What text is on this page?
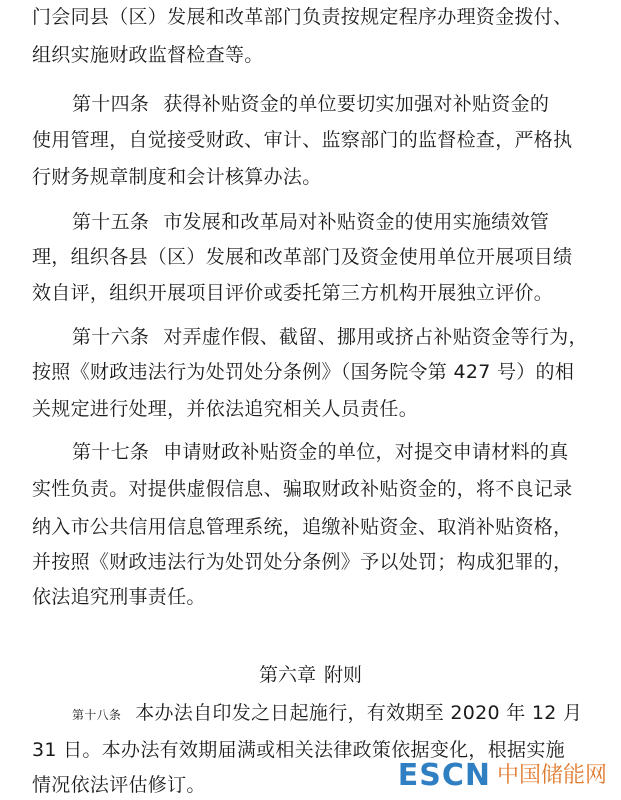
门会同县（区）发展和改革部门负责按规定程序办理资金拨付、
组织实施财政监督检查等。
第十四条 获得补贴资金的单位要切实加强对补贴资金的
使用管理，自觉接受财政、审计、监察部门的监督检查，严格执
行财务规章制度和会计核算办法。
第十五条 市发展和改革局对补贴资金的使用实施绩效管
理，组织各县（区）发展和改革部门及资金使用单位开展项目绩
效自评，组织开展项目评价或委托第三方机构开展独立评价。
第十六条 对弄虚作假、截留、挪用或挤占补贴资金等行为，
按照《财政违法行为处罚处分条例》（国务院令第 427 号）的相
关规定进行处理，并依法追究相关人员责任。
第十七条 申请财政补贴资金的单位，对提交申请材料的真
实性负责。对提供虚假信息、骗取财政补贴资金的，将不良记录
纳入市公共信用信息管理系统，追缴补贴资金、取消补贴资格，
并按照《财政违法行为处罚处分条例》予以处罚；构成犯罪的，
依法追究刑事责任。
第六章 附则
第十八条 本办法自印发之日起施行，有效期至 2020 年 12 月
31 日。本办法有效期届满或相关法律政策依据变化，根据实施
情况依法评估修订。	ESCN 中国储能网
